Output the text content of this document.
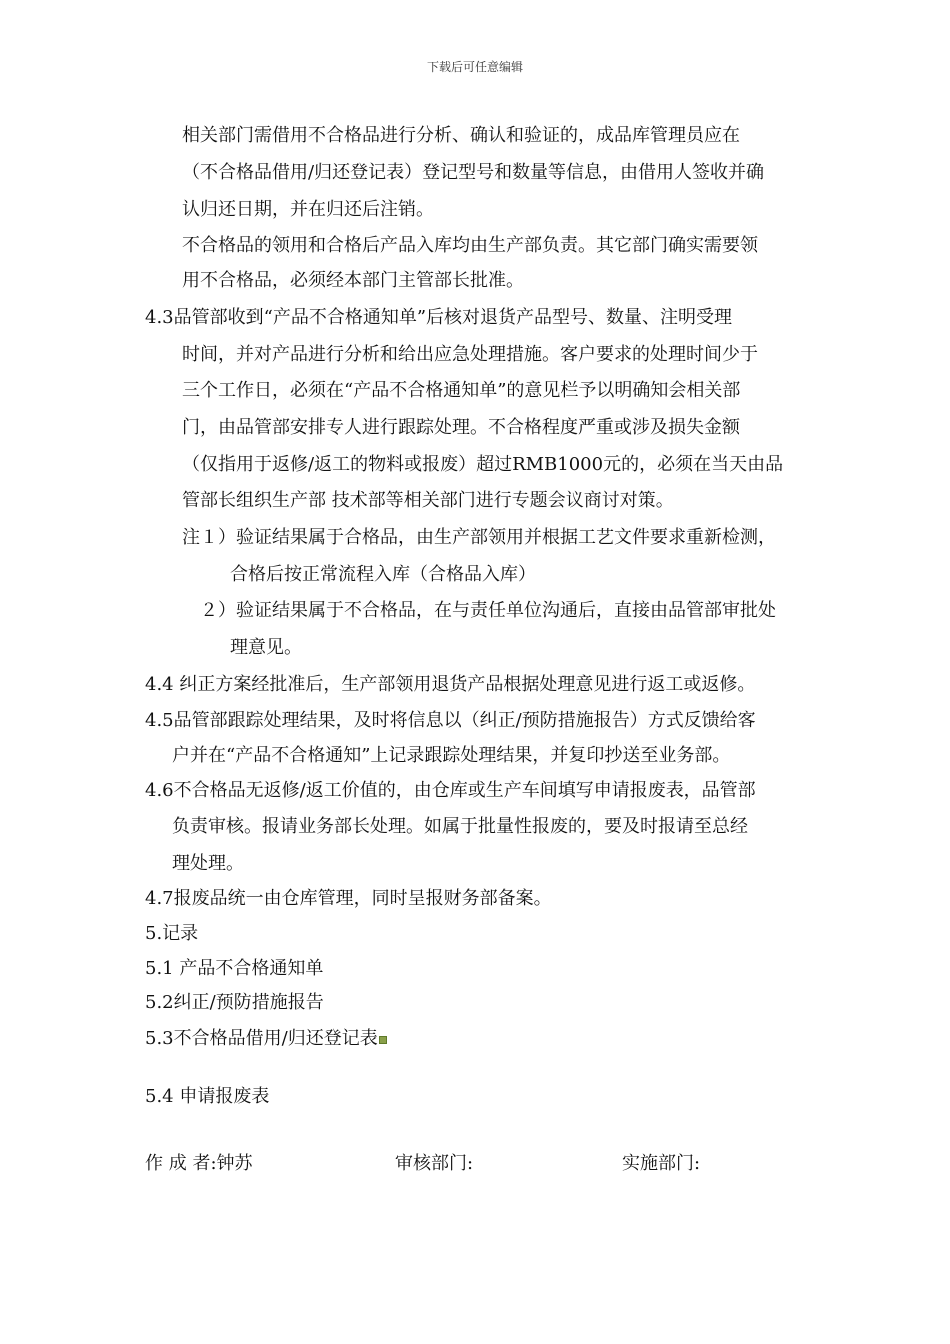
下载后可任意编辑
相关部门需借用不合格品进行分析、确认和验证的，成品库管理员应在
（不合格品借用/归还登记表）登记型号和数量等信息，由借用人签收并确
认归还日期，并在归还后注销。
不合格品的领用和合格后产品入库均由生产部负责。其它部门确实需要领
用不合格品，必须经本部门主管部长批准。
4.3品管部收到“产品不合格通知单”后核对退货产品型号、数量、注明受理
时间，并对产品进行分析和给出应急处理措施。客户要求的处理时间少于
三个工作日，必须在“产品不合格通知单”的意见栏予以明确知会相关部
门，由品管部安排专人进行跟踪处理。不合格程度严重或涉及损失金额
（仅指用于返修/返工的物料或报废）超过RMB1000元的，必须在当天由品
管部长组织生产部 技术部等相关部门进行专题会议商讨对策。
注１）验证结果属于合格品，由生产部领用并根据工艺文件要求重新检测，
合格后按正常流程入库（合格品入库）
２）验证结果属于不合格品，在与责任单位沟通后，直接由品管部审批处
理意见。
4.4 纠正方案经批准后，生产部领用退货产品根据处理意见进行返工或返修。
4.5品管部跟踪处理结果，及时将信息以（纠正/预防措施报告）方式反馈给客
户并在“产品不合格通知”上记录跟踪处理结果，并复印抄送至业务部。
4.6不合格品无返修/返工价值的，由仓库或生产车间填写申请报废表，品管部
负责审核。报请业务部长处理。如属于批量性报废的，要及时报请至总经
理处理。
4.7报废品统一由仓库管理，同时呈报财务部备案。
5.记录
5.1 产品不合格通知单
5.2纠正/预防措施报告
5.3不合格品借用/归还登记表
5.4 申请报废表
作 成 者:钟苏	审核部门:	实施部门:
